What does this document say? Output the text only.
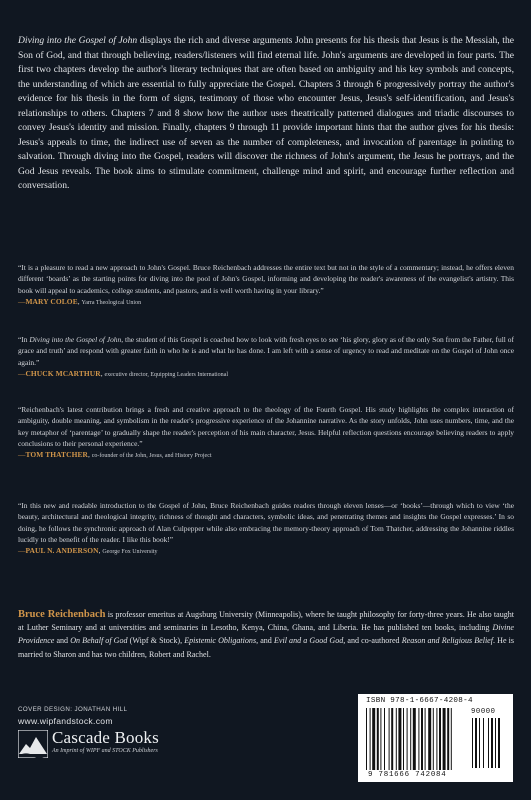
Diving into the Gospel of John displays the rich and diverse arguments John presents for his thesis that Jesus is the Messiah, the Son of God, and that through believing, readers/listeners will find eternal life. John's arguments are developed in four parts. The first two chapters develop the author's literary techniques that are often based on ambiguity and his key symbols and concepts, the understanding of which are essential to fully appreciate the Gospel. Chapters 3 through 6 progressively portray the author's evidence for his thesis in the form of signs, testimony of those who encounter Jesus, Jesus's self-identification, and Jesus's relationships to others. Chapters 7 and 8 show how the author uses theatrically patterned dialogues and triadic discourses to convey Jesus's identity and mission. Finally, chapters 9 through 11 provide important hints that the author gives for his thesis: Jesus's appeals to time, the indirect use of seven as the number of completeness, and invocation of parentage in pointing to salvation. Through diving into the Gospel, readers will discover the richness of John's argument, the Jesus he portrays, and the God Jesus reveals. The book aims to stimulate commitment, challenge mind and spirit, and encourage further reflection and conversation.

“It is a pleasure to read a new approach to John's Gospel. Bruce Reichenbach addresses the entire text but not in the style of a commentary; instead, he offers eleven different ‘boards’ as the starting points for diving into the pool of John's Gospel, informing and developing the reader's awareness of the evangelist's artistry. This book will appeal to academics, college students, and pastors, and is well worth having in your library.”
—MARY COLOE, Yarra Theological Union
“In Diving into the Gospel of John, the student of this Gospel is coached how to look with fresh eyes to see ‘his glory, glory as of the only Son from the Father, full of grace and truth’ and respond with greater faith in who he is and what he has done. I am left with a sense of urgency to read and meditate on the Gospel of John once again.”
—CHUCK MCARTHUR, executive director, Equipping Leaders International
“Reichenbach's latest contribution brings a fresh and creative approach to the theology of the Fourth Gospel. His study highlights the complex interaction of ambiguity, double meaning, and symbolism in the reader's progressive experience of the Johannine narrative. As the story unfolds, John uses numbers, time, and the key metaphor of ‘parentage’ to gradually shape the reader's perception of his main character, Jesus. Helpful reflection questions encourage believing readers to apply conclusions to their personal experience.”
—TOM THATCHER, co-founder of the John, Jesus, and History Project
“In this new and readable introduction to the Gospel of John, Bruce Reichenbach guides readers through eleven lenses—or ‘books’—through which to view ‘the beauty, architectural and theological integrity, richness of thought and characters, symbolic ideas, and penetrating themes and insights the Gospel expresses.’ In so doing, he follows the synchronic approach of Alan Culpepper while also embracing the memory-theory approach of Tom Thatcher, addressing the Johannine riddles lucidly to the benefit of the reader. I like this book!”
—PAUL N. ANDERSON, George Fox University

Bruce Reichenbach is professor emeritus at Augsburg University (Minneapolis), where he taught philosophy for forty-three years. He also taught at Luther Seminary and at universities and seminaries in Lesotho, Kenya, China, Ghana, and Liberia. He has published ten books, including Divine Providence and On Behalf of God (Wipf & Stock), Epistemic Obligations, and Evil and a Good God, and co-authored Reason and Religious Belief. He is married to Sharon and has two children, Robert and Rachel.

COVER DESIGN: JONATHAN HILL
www.wipfandstock.com
Cascade Books
An Imprint of WIPF and STOCK Publishers
ISBN 978-1-6667-4208-4
90000
9 781666 742084
